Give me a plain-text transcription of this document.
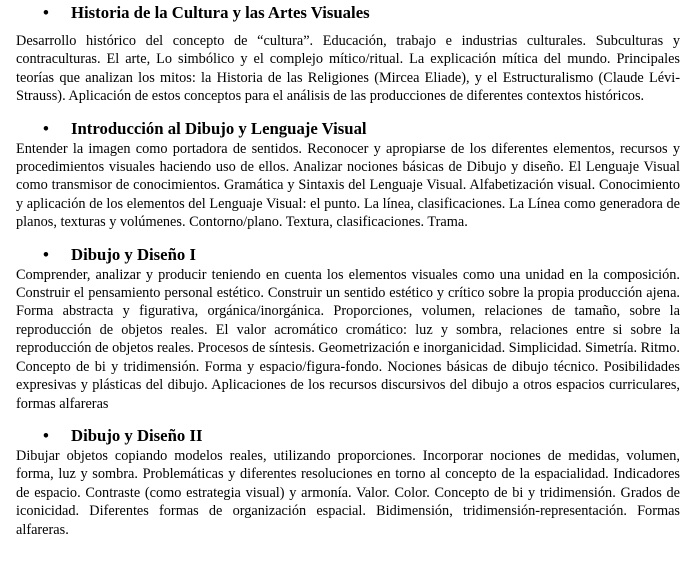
•	Historia de la Cultura y las Artes Visuales

Desarrollo histórico del concepto de “cultura”. Educación, trabajo e industrias culturales. Subculturas y contraculturas. El arte, Lo simbólico y el complejo mítico/ritual. La explicación mítica del mundo. Principales teorías que analizan los mitos: la Historia de las Religiones (Mircea Eliade), y el Estructuralismo (Claude Lévi-Strauss). Aplicación de estos conceptos para el análisis de las producciones de diferentes contextos históricos.

•	Introducción al Dibujo y Lenguaje Visual

Entender la imagen como portadora de sentidos. Reconocer y apropiarse de los diferentes elementos, recursos y procedimientos visuales haciendo uso de ellos. Analizar nociones básicas de Dibujo y diseño. El Lenguaje Visual como transmisor de conocimientos. Gramática y Sintaxis del Lenguaje Visual. Alfabetización visual. Conocimiento y aplicación de los elementos del Lenguaje Visual: el punto. La línea, clasificaciones. La Línea como generadora de planos, texturas y volúmenes. Contorno/plano. Textura, clasificaciones. Trama.

•	Dibujo y Diseño I

Comprender, analizar y producir teniendo en cuenta los elementos visuales como una unidad en la composición. Construir el pensamiento personal estético. Construir un sentido estético y crítico sobre la propia producción ajena. Forma abstracta y figurativa, orgánica/inorgánica. Proporciones, volumen, relaciones de tamaño, sobre la reproducción de objetos reales. El valor acromático cromático: luz y sombra, relaciones entre si sobre la reproducción de objetos reales. Procesos de síntesis. Geometrización e inorganicidad. Simplicidad. Simetría. Ritmo. Concepto de bi y tridimensión. Forma y espacio/figura-fondo. Nociones básicas de dibujo técnico. Posibilidades expresivas y plásticas del dibujo. Aplicaciones de los recursos discursivos del dibujo a otros espacios curriculares, formas alfareras

•	Dibujo y Diseño II

Dibujar objetos copiando modelos reales, utilizando proporciones. Incorporar nociones de medidas, volumen, forma, luz y sombra. Problemáticas y diferentes resoluciones en torno al concepto de la espacialidad. Indicadores de espacio. Contraste (como estrategia visual) y armonía. Valor. Color. Concepto de bi y tridimensión. Grados de iconicidad. Diferentes formas de organización espacial. Bidimensión, tridimensión-representación. Formas alfareras.
